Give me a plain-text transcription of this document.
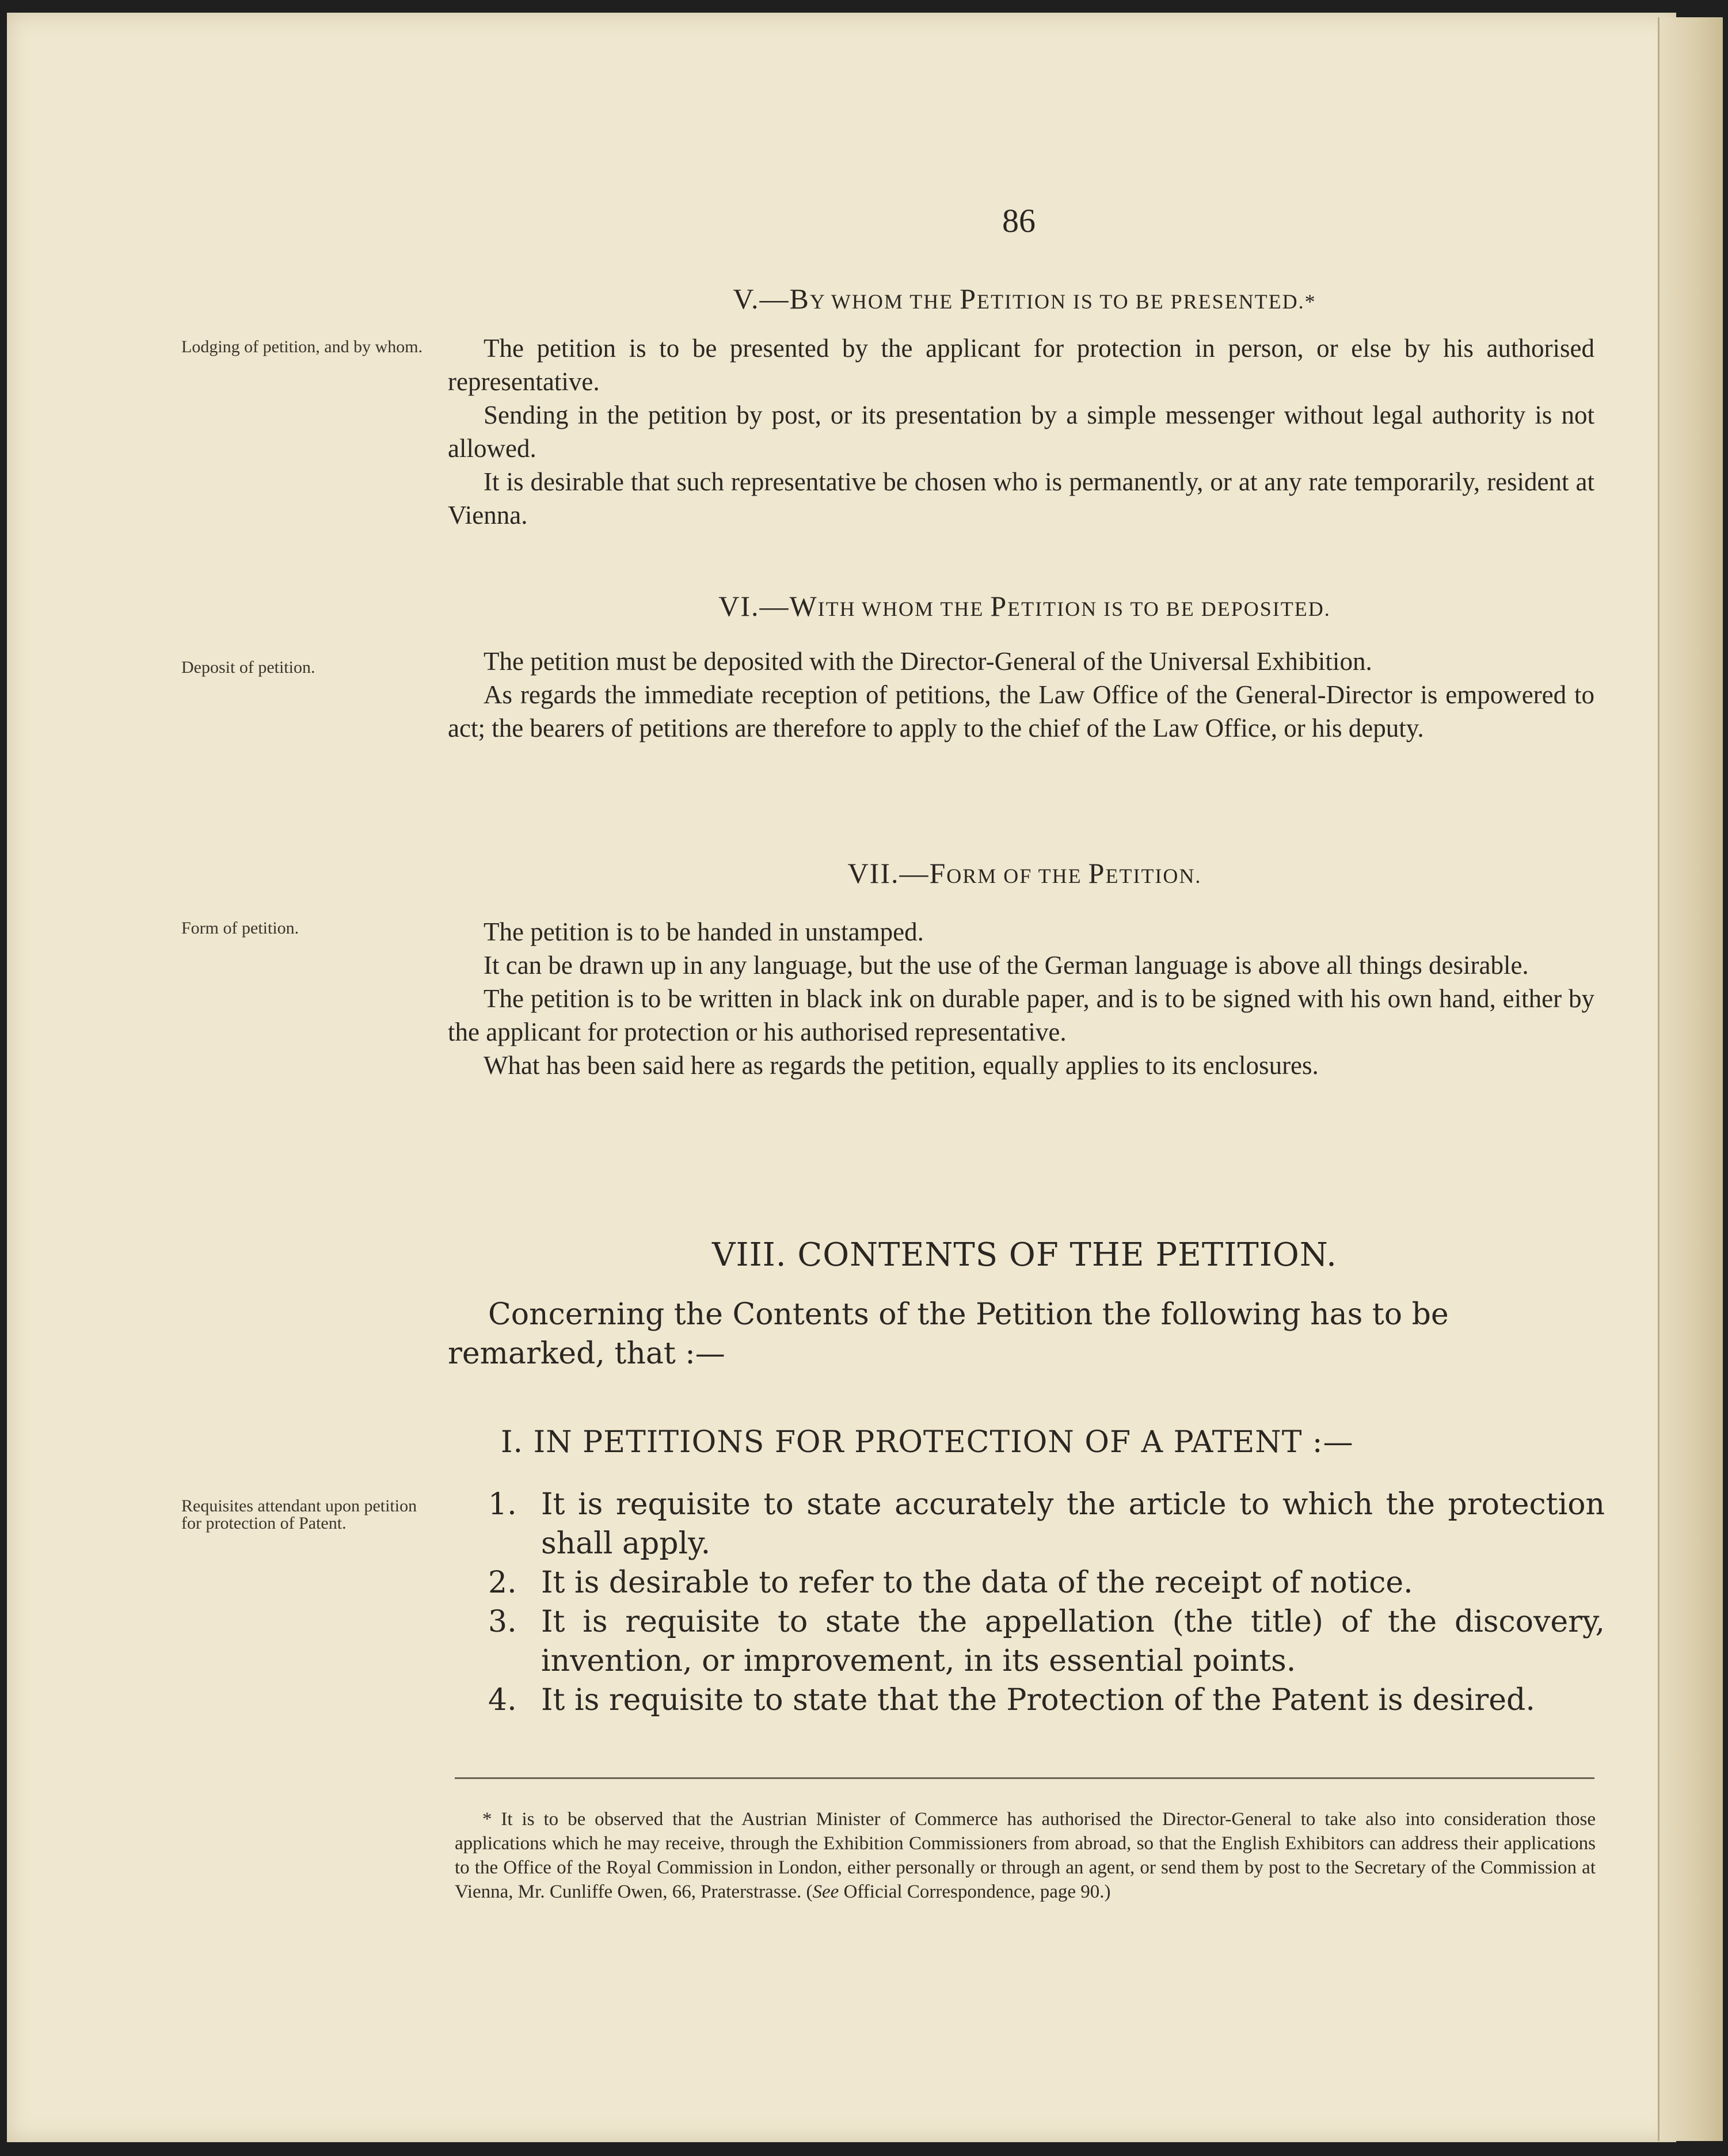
86
Lodging of petition, and by whom.
V.—BY WHOM THE PETITION IS TO BE PRESENTED.*

The petition is to be presented by the applicant for protection in person, or else by his authorised representative.

Sending in the petition by post, or its presentation by a simple messenger without legal authority is not allowed.

It is desirable that such representative be chosen who is permanently, or at any rate temporarily, resident at Vienna.

Deposit of petition.
VI.—WITH WHOM THE PETITION IS TO BE DEPOSITED.

The petition must be deposited with the Director-General of the Universal Exhibition.

As regards the immediate reception of petitions, the Law Office of the General-Director is empowered to act; the bearers of petitions are therefore to apply to the chief of the Law Office, or his deputy.

Form of petition.
VII.—FORM OF THE PETITION.

The petition is to be handed in unstamped.

It can be drawn up in any language, but the use of the German language is above all things desirable.

The petition is to be written in black ink on durable paper, and is to be signed with his own hand, either by the applicant for protection or his authorised representative.

What has been said here as regards the petition, equally applies to its enclosures.

VIII. CONTENTS OF THE PETITION.
Concerning the Contents of the Petition the following has to be remarked, that :—
I. IN PETITIONS FOR PROTECTION OF A PATENT :—
Requisites attendant upon petition for protection of Patent.
1. It is requisite to state accurately the article to which the protection shall apply.
2. It is desirable to refer to the data of the receipt of notice.
3. It is requisite to state the appellation (the title) of the discovery, invention, or improvement, in its essential points.
4. It is requisite to state that the Protection of the Patent is desired.

* It is to be observed that the Austrian Minister of Commerce has authorised the Director-General to take also into consideration those applications which he may receive, through the Exhibition Commissioners from abroad, so that the English Exhibitors can address their applications to the Office of the Royal Commission in London, either personally or through an agent, or send them by post to the Secretary of the Commission at Vienna, Mr. Cunliffe Owen, 66, Praterstrasse. (See Official Correspondence, page 90.)
